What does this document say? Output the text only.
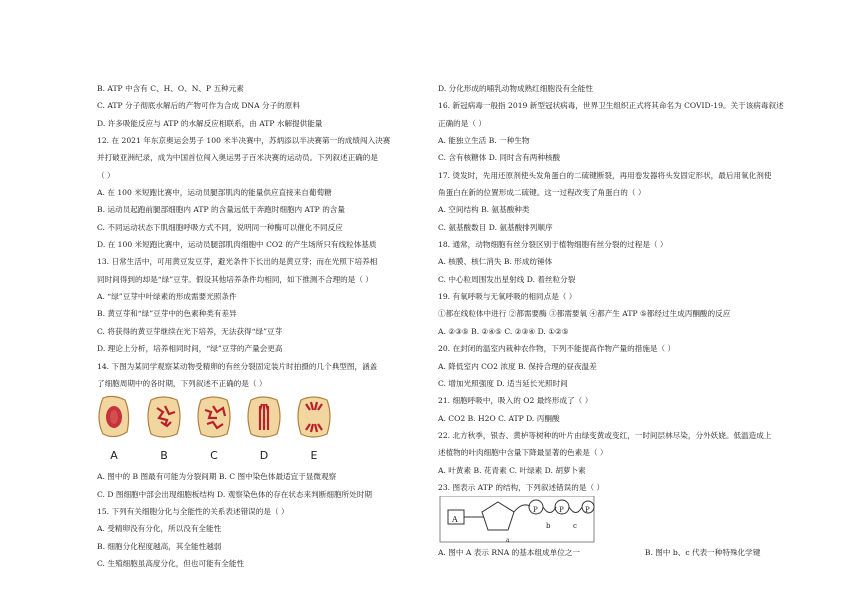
B. ATP 中含有 C、H、O、N、P 五种元素
C. ATP 分子彻底水解后的产物可作为合成 DNA 分子的原料
D. 许多吸能反应与 ATP 的水解反应相联系，由 ATP 水解提供能量
12. 在 2021 年东京奥运会男子 100 米半决赛中，苏炳添以半决赛第一的成绩闯入决赛
并打破亚洲纪录，成为中国首位闯入奥运男子百米决赛的运动员。下列叙述正确的是
（ ）
A. 在 100 米短跑比赛中，运动员腿部肌肉的能量供应直接来自葡萄糖
B. 运动员起跑前腿部细胞内 ATP 的含量远低于奔跑时细胞内 ATP 的含量
C. 不同运动状态下肌细胞呼吸方式不同，说明同一种酶可以催化不同反应
D. 在 100 米短跑比赛中，运动员腿部肌肉细胞中 CO2 的产生场所只有线粒体基质
13. 日常生活中，可用黄豆发豆芽，避光条件下长出的是黄豆芽；而在光照下培养相
同时间得到的却是“绿”豆芽。假设其他培养条件均相同，如下推测不合理的是（ ）
A. “绿”豆芽中叶绿素的形成需要光照条件
B. 黄豆芽和“绿”豆芽中的色素种类有差异
C. 将获得的黄豆芽继续在光下培养，无法获得“绿”豆芽
D. 理论上分析，培养相同时间，“绿”豆芽的产量会更高
14. 下图为某同学观察某动物受精卵的有丝分裂固定装片时拍摄的几个典型图，涵盖
了细胞周期中的各时期，下列叙述不正确的是（ ）
A	B	C	D	E
A. 图中的 B 图最有可能为分裂间期 B. C 图中染色体最适宜于显微观察
C. D 图细胞中部会出现细胞板结构 D. 观察染色体的存在状态来判断细胞所处时期
15. 下列有关细胞分化与全能性的关系表述错误的是（ ）
A. 受精卵没有分化，所以没有全能性
B. 细胞分化程度越高，其全能性越弱
C. 生殖细胞虽高度分化，但也可能有全能性
D. 分化形成的哺乳动物成熟红细胞没有全能性
16. 新冠病毒一般指 2019 新型冠状病毒，世界卫生组织正式将其命名为 COVID-19。关于该病毒叙述
正确的是（ ）
A. 能独立生活 B. 一种生物
C. 含有核糖体 D. 同时含有两种核酸
17. 烫发时，先用还原剂使头发角蛋白的二硫键断裂，再用卷发器将头发固定形状，最后用氧化剂使
角蛋白在新的位置形成二硫键。这一过程改变了角蛋白的（ ）
A. 空间结构 B. 氨基酸种类
C. 氨基酸数目 D. 氨基酸排列顺序
18. 通常，动物细胞有丝分裂区别于植物细胞有丝分裂的过程是（ ）
A. 核膜、核仁消失 B. 形成纺锤体
C. 中心粒周围发出星射线 D. 着丝粒分裂
19. 有氧呼吸与无氧呼吸的相同点是（ ）
①都在线粒体中进行 ②都需要酶 ③都需要氧 ④都产生 ATP ⑤都经过生成丙酮酸的反应
A. ②③⑤ B. ②④⑤ C. ②③④ D. ①②⑤
20. 在封闭的温室内栽种农作物，下列不能提高作物产量的措施是（ ）
A. 降低室内 CO2 浓度 B. 保持合理的昼夜温差
C. 增加光照强度 D. 适当延长光照时间
21. 细胞呼吸中，吸入的 O2 最终形成了（ ）
A. CO2 B. H2O C. ATP D. 丙酮酸
22. 北方秋季，银杏、黄栌等树种的叶片由绿变黄或变红，一时间层林尽染，分外妖娆。低温造成上
述植物的叶肉细胞中含量下降最显著的色素是（ ）
A. 叶黄素 B. 花青素 C. 叶绿素 D. 胡萝卜素
23. 图表示 ATP 的结构，下列叙述错误的是（ ）
A
P	P	P
b	c
a
A. 图中 A 表示 RNA 的基本组成单位之一	B. 图中 b、c 代表一种特殊化学键
